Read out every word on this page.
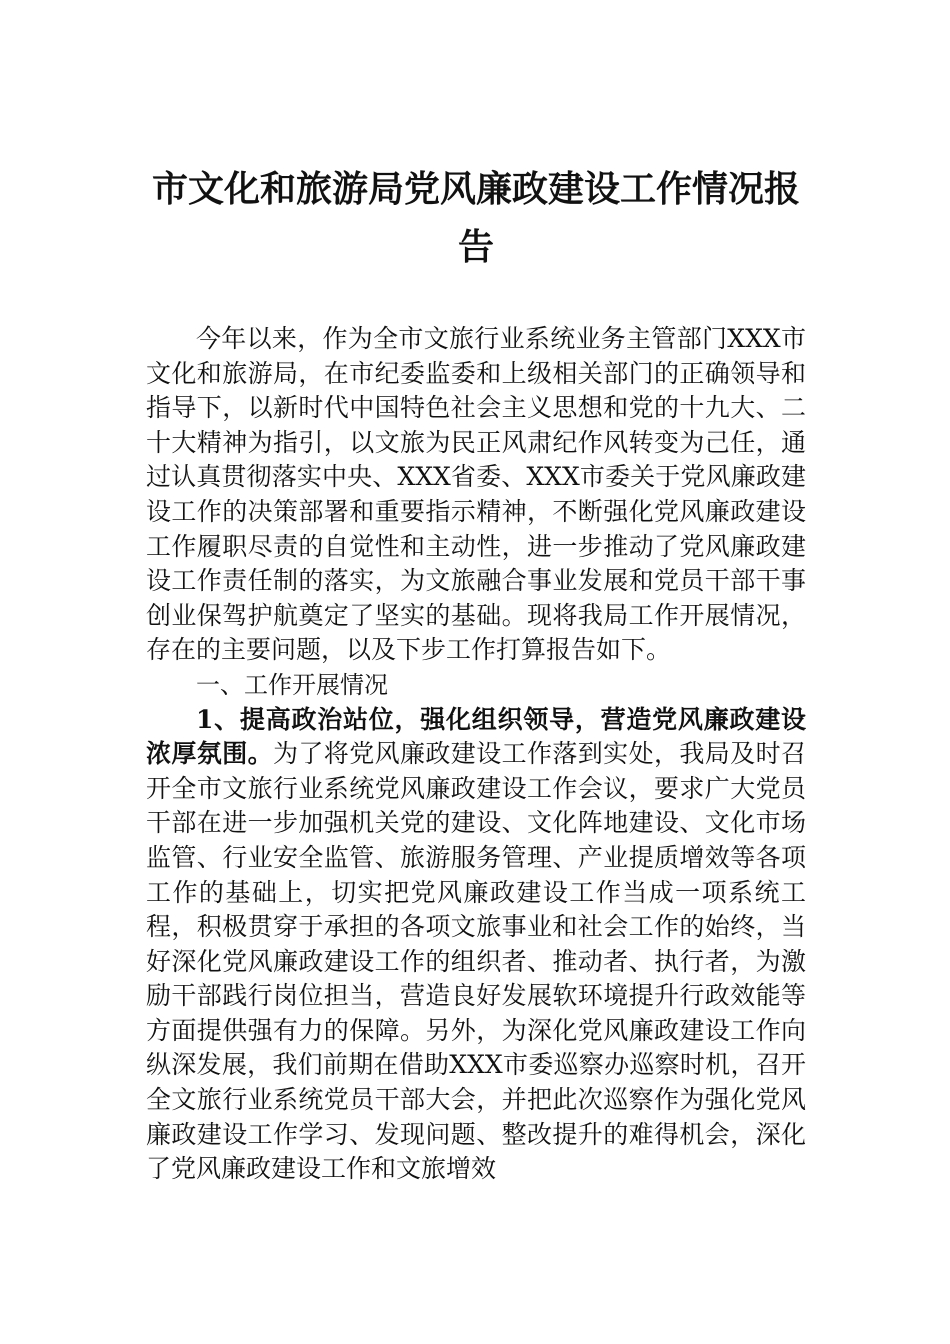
市文化和旅游局党风廉政建设工作情况报告

今年以来，作为全市文旅行业系统业务主管部门XXX市文化和旅游局，在市纪委监委和上级相关部门的正确领导和指导下，以新时代中国特色社会主义思想和党的十九大、二十大精神为指引，以文旅为民正风肃纪作风转变为己任，通过认真贯彻落实中央、XXX省委、XXX市委关于党风廉政建设工作的决策部署和重要指示精神，不断强化党风廉政建设工作履职尽责的自觉性和主动性，进一步推动了党风廉政建设工作责任制的落实，为文旅融合事业发展和党员干部干事创业保驾护航奠定了坚实的基础。现将我局工作开展情况，存在的主要问题，以及下步工作打算报告如下。

一、工作开展情况

1、提高政治站位，强化组织领导，营造党风廉政建设浓厚氛围。为了将党风廉政建设工作落到实处，我局及时召开全市文旅行业系统党风廉政建设工作会议，要求广大党员干部在进一步加强机关党的建设、文化阵地建设、文化市场监管、行业安全监管、旅游服务管理、产业提质增效等各项工作的基础上，切实把党风廉政建设工作当成一项系统工程，积极贯穿于承担的各项文旅事业和社会工作的始终，当好深化党风廉政建设工作的组织者、推动者、执行者，为激励干部践行岗位担当，营造良好发展软环境提升行政效能等方面提供强有力的保障。另外，为深化党风廉政建设工作向纵深发展，我们前期在借助XXX市委巡察办巡察时机，召开全文旅行业系统党员干部大会，并把此次巡察作为强化党风廉政建设工作学习、发现问题、整改提升的难得机会，深化了党风廉政建设工作和文旅增效
